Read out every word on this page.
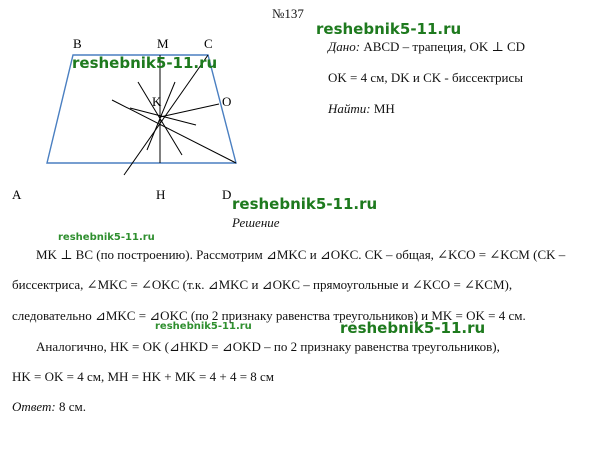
№137
B	M	C
K	O
A	H	D
reshebnik5-11.ru
reshebnik5-11.ru
reshebnik5-11.ru
reshebnik5-11.ru
reshebnik5-11.ru	reshebnik5-11.ru
Дано: ABCD – трапеция, OK ⊥ CD
OK = 4 см, DK и CK - биссектрисы
Найти: MH
Решение
MK ⊥ BC (по построению). Рассмотрим ⊿MKC и ⊿OKC. CK – общая, ∠KCO = ∠KCM (CK –
биссектриса, ∠MKC = ∠OKC (т.к. ⊿MKC и ⊿OKC – прямоугольные и ∠KCO = ∠KCM),
следовательно ⊿MKC = ⊿OKC (по 2 признаку равенства треугольников) и MK = OK = 4 см.
Аналогично, HK = OK (⊿HKD = ⊿OKD – по 2 признаку равенства треугольников),
HK = OK = 4 см, MH = HK + MK = 4 + 4 = 8 см
Ответ: 8 см.
